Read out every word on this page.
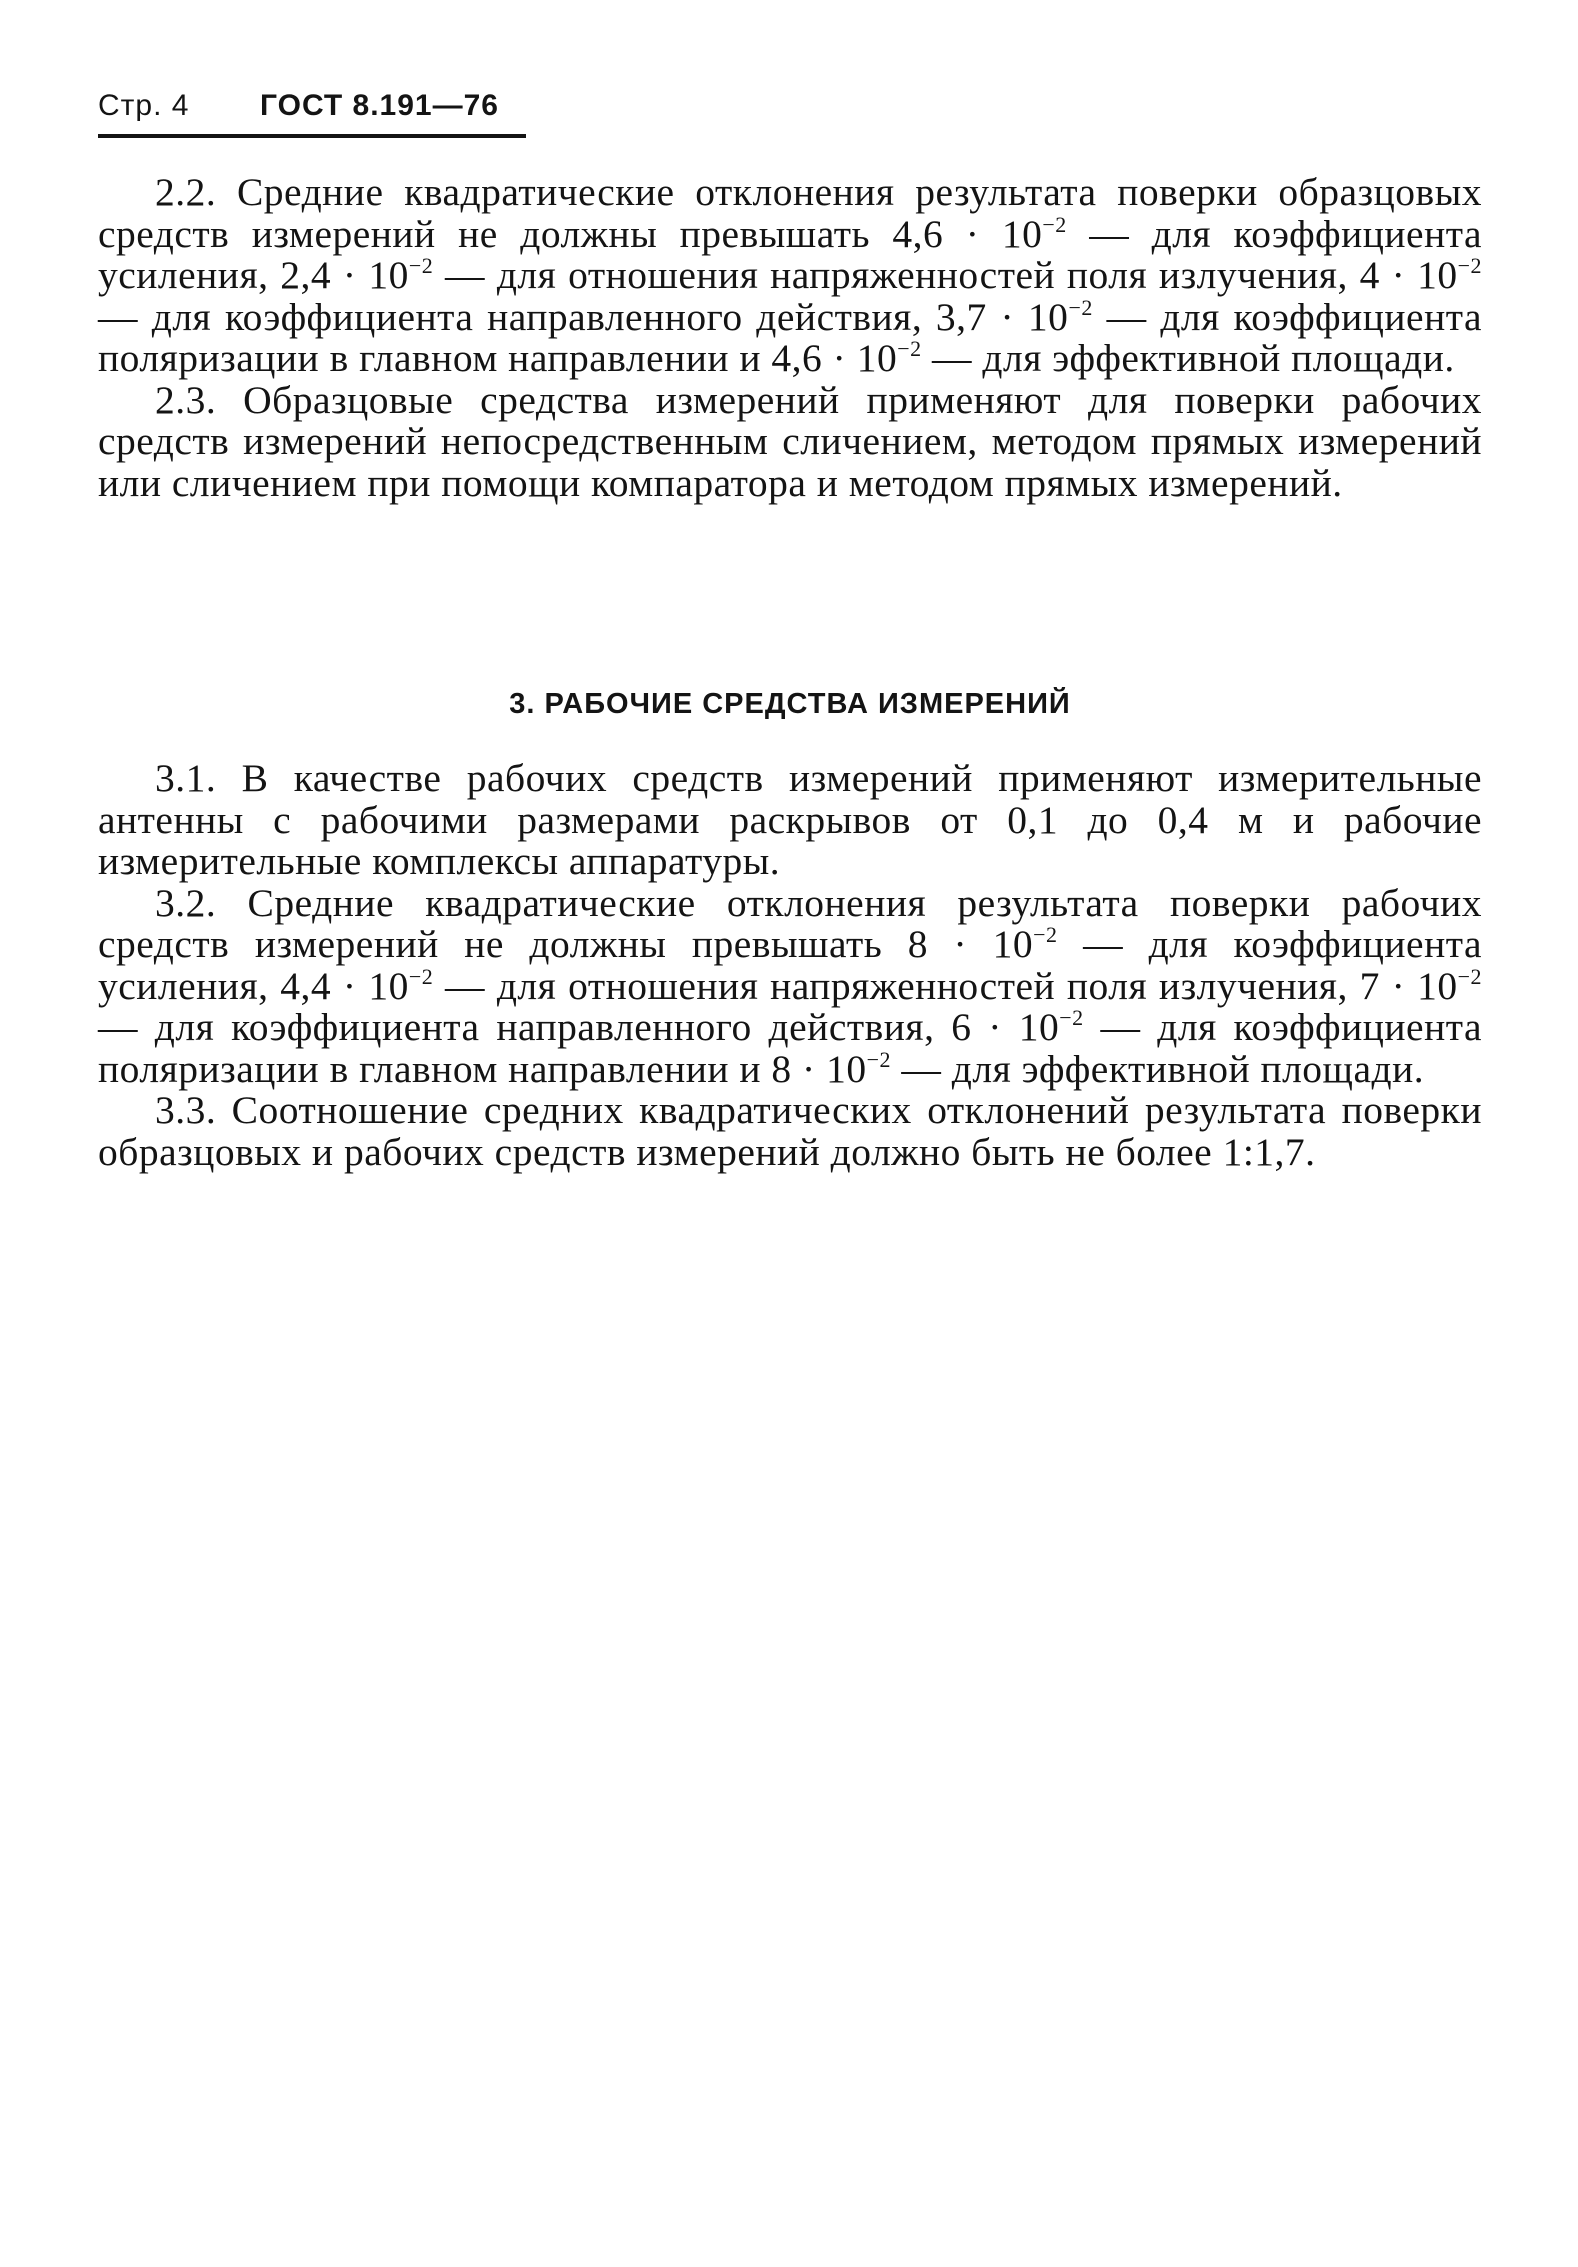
Стр. 4 ГОСТ 8.191—76

2.2. Средние квадратические отклонения результата поверки образцовых средств измерений не должны превышать $4,6 \cdot 10^{-2}$ — для коэффициента усиления, $2,4 \cdot 10^{-2}$ — для отношения напряженностей поля излучения, $4 \cdot 10^{-2}$ — для коэффициента направленного действия, $3,7 \cdot 10^{-2}$ — для коэффициента поляризации в главном направлении и $4,6 \cdot 10^{-2}$ — для эффективной площади.

2.3. Образцовые средства измерений применяют для поверки рабочих средств измерений непосредственным сличением, методом прямых измерений или сличением при помощи компаратора и методом прямых измерений.

3. РАБОЧИЕ СРЕДСТВА ИЗМЕРЕНИЙ

3.1. В качестве рабочих средств измерений применяют измерительные антенны с рабочими размерами раскрывов от 0,1 до 0,4 м и рабочие измерительные комплексы аппаратуры.

3.2. Средние квадратические отклонения результата поверки рабочих средств измерений не должны превышать $8 \cdot 10^{-2}$ — для коэффициента усиления, $4,4 \cdot 10^{-2}$ — для отношения напряженностей поля излучения, $7 \cdot 10^{-2}$ — для коэффициента направленного действия, $6 \cdot 10^{-2}$ — для коэффициента поляризации в главном направлении и $8 \cdot 10^{-2}$ — для эффективной площади.

3.3. Соотношение средних квадратических отклонений результата поверки образцовых и рабочих средств измерений должно быть не более 1:1,7.
